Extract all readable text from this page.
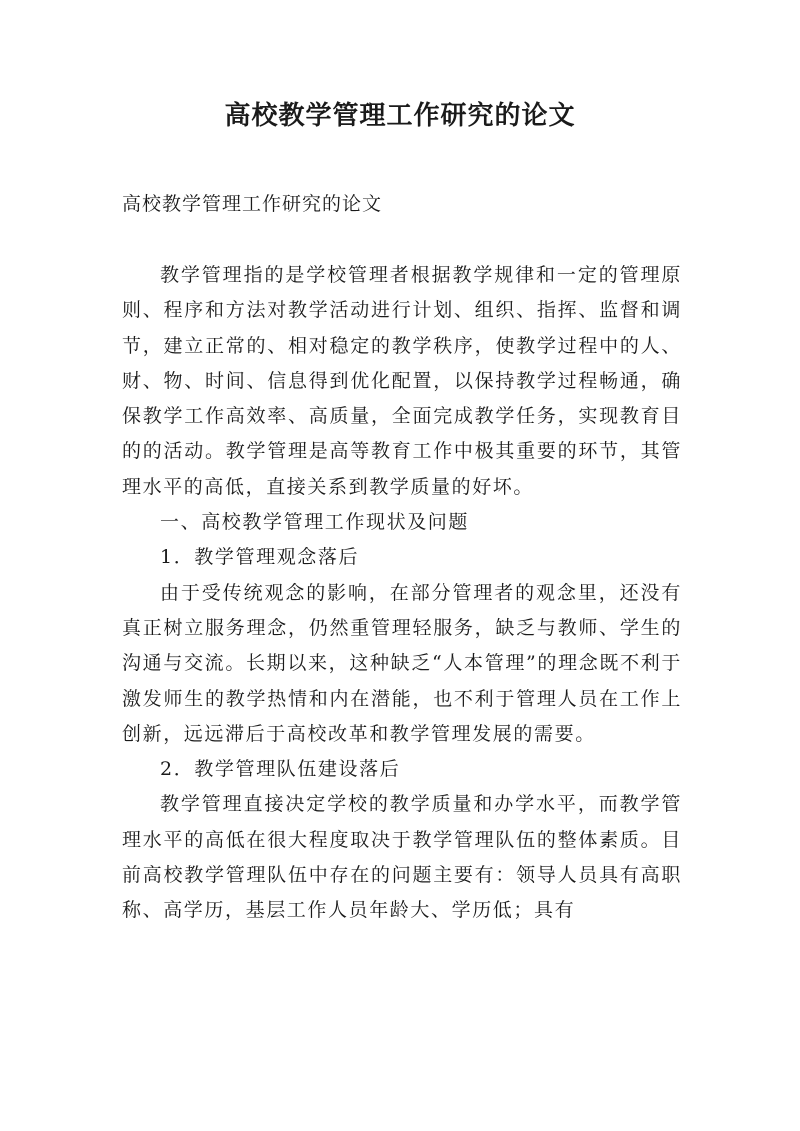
高校教学管理工作研究的论文

高校教学管理工作研究的论文

教学管理指的是学校管理者根据教学规律和一定的管理原则、程序和方法对教学活动进行计划、组织、指挥、监督和调节，建立正常的、相对稳定的教学秩序，使教学过程中的人、财、物、时间、信息得到优化配置，以保持教学过程畅通，确保教学工作高效率、高质量，全面完成教学任务，实现教育目的的活动。教学管理是高等教育工作中极其重要的环节，其管理水平的高低，直接关系到教学质量的好坏。

一、高校教学管理工作现状及问题

1．教学管理观念落后

由于受传统观念的影响，在部分管理者的观念里，还没有真正树立服务理念，仍然重管理轻服务，缺乏与教师、学生的沟通与交流。长期以来，这种缺乏“人本管理”的理念既不利于激发师生的教学热情和内在潜能，也不利于管理人员在工作上创新，远远滞后于高校改革和教学管理发展的需要。

2．教学管理队伍建设落后

教学管理直接决定学校的教学质量和办学水平，而教学管理水平的高低在很大程度取决于教学管理队伍的整体素质。目前高校教学管理队伍中存在的问题主要有：领导人员具有高职称、高学历，基层工作人员年龄大、学历低；具有
